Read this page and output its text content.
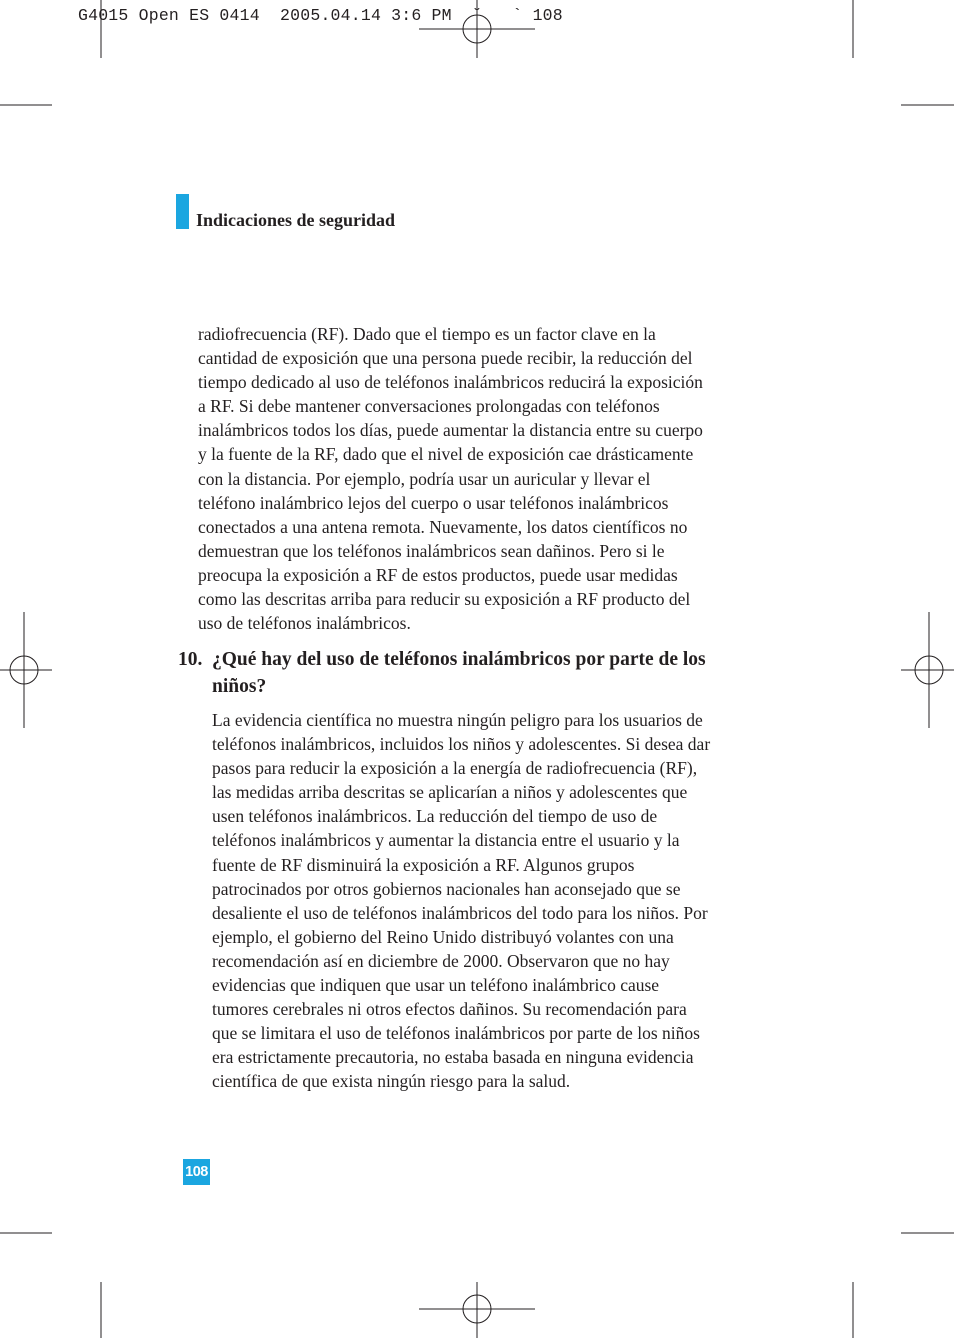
G4015 Open ES 0414  2005.04.14 3:6 PM  ˘   ` 108
Indicaciones de seguridad

radiofrecuencia (RF). Dado que el tiempo es un factor clave en la

cantidad de exposición que una persona puede recibir, la reducción del

tiempo dedicado al uso de teléfonos inalámbricos reducirá la exposición

a RF. Si debe mantener conversaciones prolongadas con teléfonos

inalámbricos todos los días, puede aumentar la distancia entre su cuerpo

y la fuente de la RF, dado que el nivel de exposición cae drásticamente

con la distancia. Por ejemplo, podría usar un auricular y llevar el

teléfono inalámbrico lejos del cuerpo o usar teléfonos inalámbricos

conectados a una antena remota. Nuevamente, los datos científicos no

demuestran que los teléfonos inalámbricos sean dañinos. Pero si le

preocupa la exposición a RF de estos productos, puede usar medidas

como las descritas arriba para reducir su exposición a RF producto del

uso de teléfonos inalámbricos.

10. ¿Qué hay del uso de teléfonos inalámbricos por parte de los
niños?

La evidencia científica no muestra ningún peligro para los usuarios de

teléfonos inalámbricos, incluidos los niños y adolescentes. Si desea dar

pasos para reducir la exposición a la energía de radiofrecuencia (RF),

las medidas arriba descritas se aplicarían a niños y adolescentes que

usen teléfonos inalámbricos. La reducción del tiempo de uso de

teléfonos inalámbricos y aumentar la distancia entre el usuario y la

fuente de RF disminuirá la exposición a RF. Algunos grupos

patrocinados por otros gobiernos nacionales han aconsejado que se

desaliente el uso de teléfonos inalámbricos del todo para los niños. Por

ejemplo, el gobierno del Reino Unido distribuyó volantes con una

recomendación así en diciembre de 2000. Observaron que no hay

evidencias que indiquen que usar un teléfono inalámbrico cause

tumores cerebrales ni otros efectos dañinos. Su recomendación para

que se limitara el uso de teléfonos inalámbricos por parte de los niños

era estrictamente precautoria, no estaba basada en ninguna evidencia

científica de que exista ningún riesgo para la salud.

108
